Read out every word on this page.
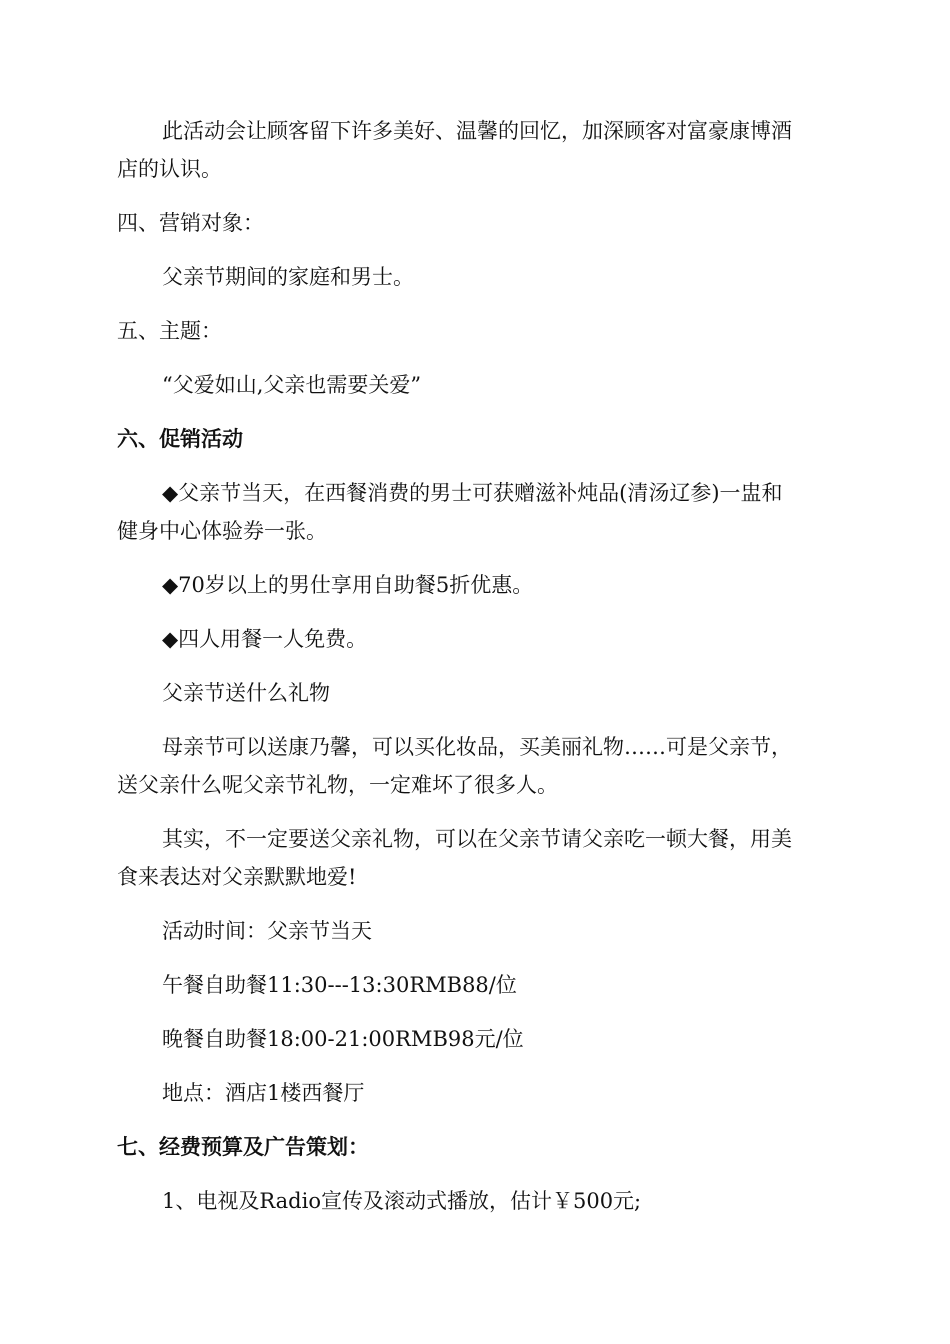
此活动会让顾客留下许多美好、温馨的回忆，加深顾客对富豪康博酒
店的认识。
四、营销对象：
父亲节期间的家庭和男士。
五、主题：
“父爱如山,父亲也需要关爱”
六、促销活动
◆父亲节当天，在西餐消费的男士可获赠滋补炖品(清汤辽参)一盅和
健身中心体验券一张。
◆70岁以上的男仕享用自助餐5折优惠。
◆四人用餐一人免费。
父亲节送什么礼物
母亲节可以送康乃馨，可以买化妆品，买美丽礼物……可是父亲节，
送父亲什么呢父亲节礼物，一定难坏了很多人。
其实，不一定要送父亲礼物，可以在父亲节请父亲吃一顿大餐，用美
食来表达对父亲默默地爱!
活动时间：父亲节当天
午餐自助餐11:30---13:30RMB88/位
晚餐自助餐18:00-21:00RMB98元/位
地点：酒店1楼西餐厅
七、经费预算及广告策划：
1、电视及Radio宣传及滚动式播放，估计￥500元;
